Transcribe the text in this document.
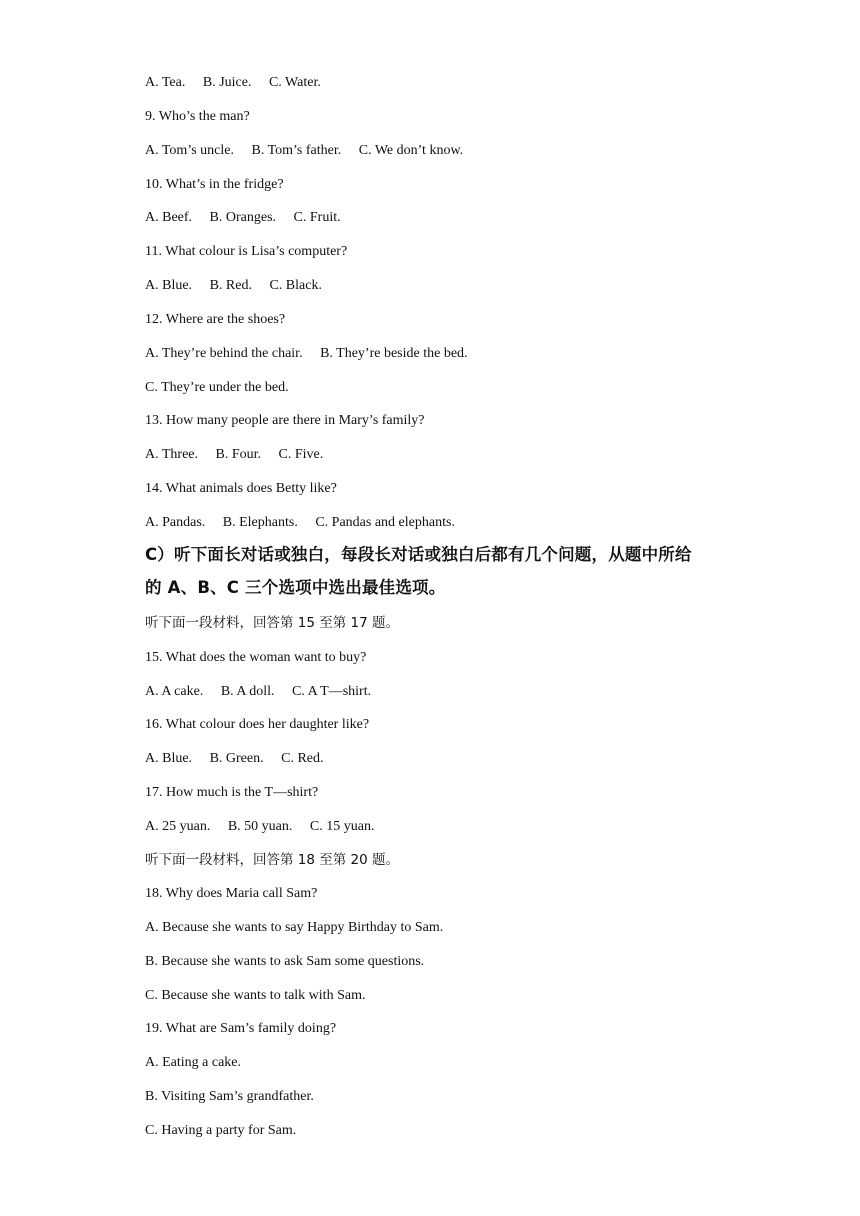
A. Tea. B. Juice. C. Water.
9. Who’s the man?
A. Tom’s uncle. B. Tom’s father. C. We don’t know.
10. What’s in the fridge?
A. Beef. B. Oranges. C. Fruit.
11. What colour is Lisa’s computer?
A. Blue. B. Red. C. Black.
12. Where are the shoes?
A. They’re behind the chair. B. They’re beside the bed.
C. They’re under the bed.
13. How many people are there in Mary’s family?
A. Three. B. Four. C. Five.
14. What animals does Betty like?
A. Pandas. B. Elephants. C. Pandas and elephants.
C）听下面长对话或独白，每段长对话或独白后都有几个问题，从题中所给
的 A、B、C 三个选项中选出最佳选项。
听下面一段材料，回答第 15 至第 17 题。
15. What does the woman want to buy?
A. A cake. B. A doll. C. A T—shirt.
16. What colour does her daughter like?
A. Blue. B. Green. C. Red.
17. How much is the T—shirt?
A. 25 yuan. B. 50 yuan. C. 15 yuan.
听下面一段材料，回答第 18 至第 20 题。
18. Why does Maria call Sam?
A. Because she wants to say Happy Birthday to Sam.
B. Because she wants to ask Sam some questions.
C. Because she wants to talk with Sam.
19. What are Sam’s family doing?
A. Eating a cake.
B. Visiting Sam’s grandfather.
C. Having a party for Sam.
